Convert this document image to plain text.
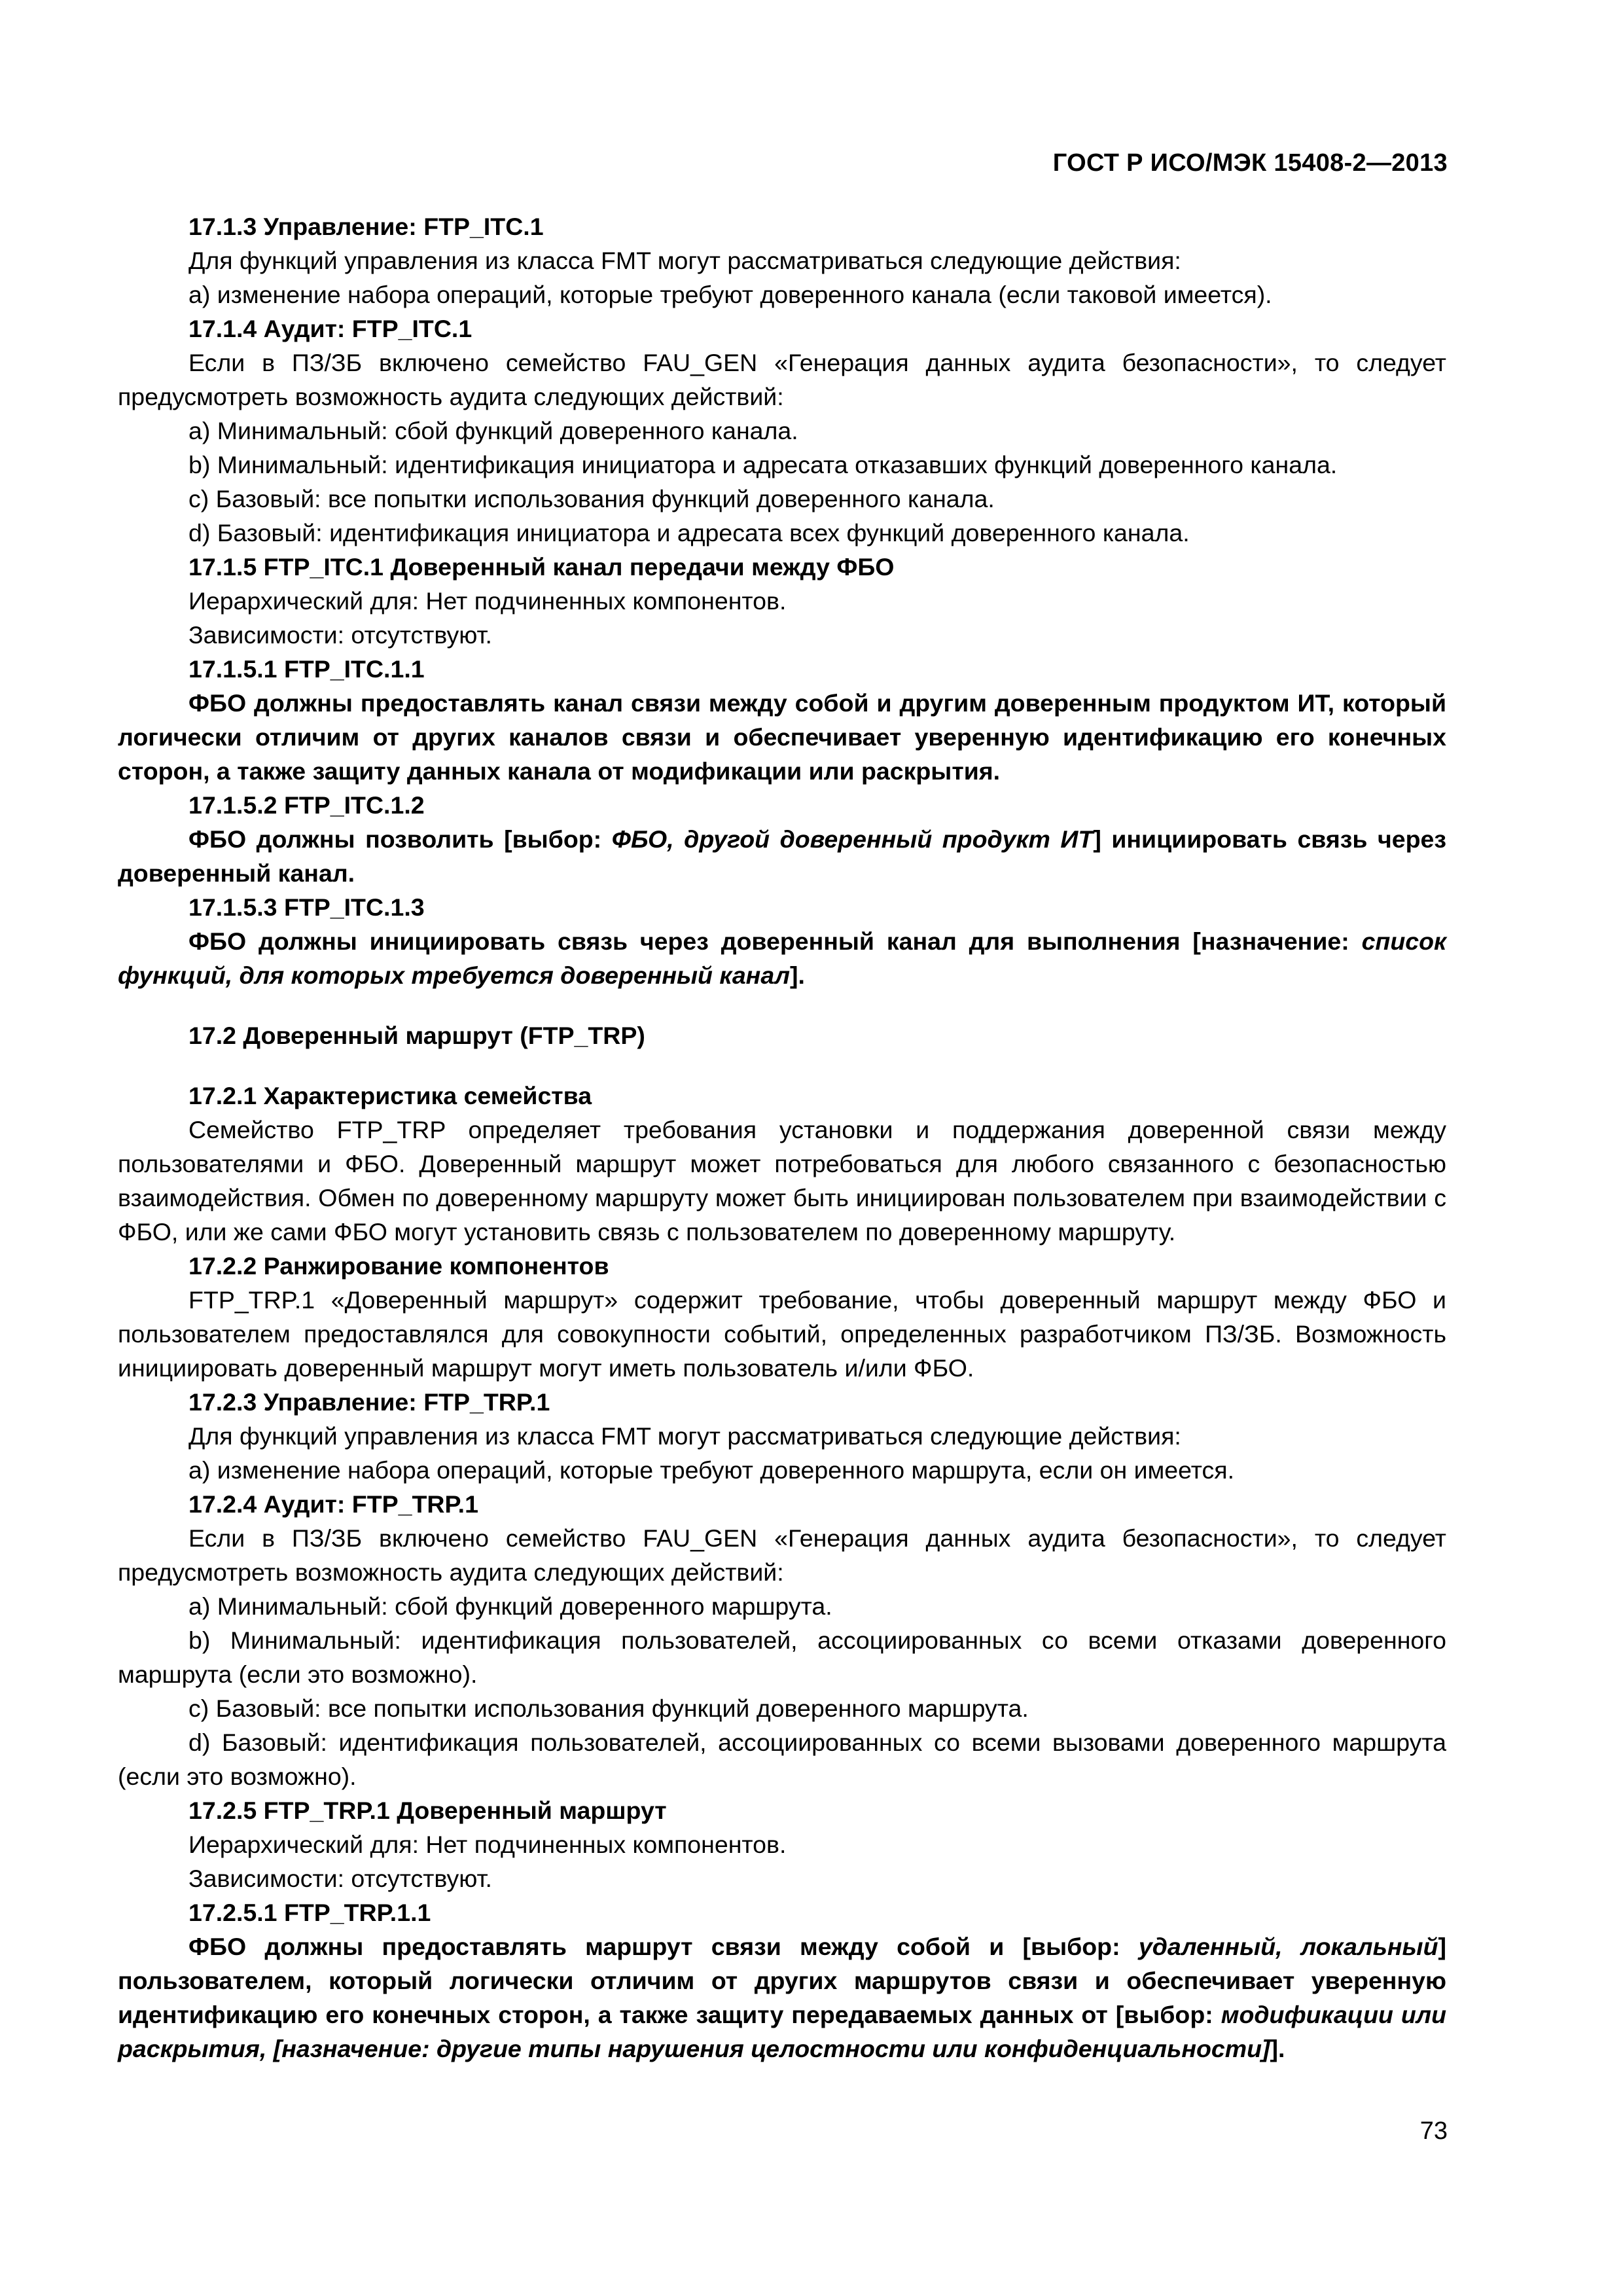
ГОСТ Р ИСО/МЭК 15408-2—2013

17.1.3 Управление: FTP_ITC.1

Для функций управления из класса FMT могут рассматриваться следующие действия:

a) изменение набора операций, которые требуют доверенного канала (если таковой имеется).

17.1.4 Аудит: FTP_ITC.1

Если в ПЗ/ЗБ включено семейство FAU_GEN «Генерация данных аудита безопасности», то следует предусмотреть возможность аудита следующих действий:

a) Минимальный: сбой функций доверенного канала.

b) Минимальный: идентификация инициатора и адресата отказавших функций доверенного канала.

c) Базовый: все попытки использования функций доверенного канала.

d) Базовый: идентификация инициатора и адресата всех функций доверенного канала.

17.1.5 FTP_ITC.1 Доверенный канал передачи между ФБО

Иерархический для: Нет подчиненных компонентов.

Зависимости: отсутствуют.

17.1.5.1 FTP_ITC.1.1

ФБО должны предоставлять канал связи между собой и другим доверенным продуктом ИТ, который логически отличим от других каналов связи и обеспечивает уверенную идентификацию его конечных сторон, а также защиту данных канала от модификации или раскрытия.

17.1.5.2 FTP_ITC.1.2

ФБО должны позволить [выбор: ФБО, другой доверенный продукт ИТ] инициировать связь через доверенный канал.

17.1.5.3 FTP_ITC.1.3

ФБО должны инициировать связь через доверенный канал для выполнения [назначение: список функций, для которых требуется доверенный канал].

17.2 Доверенный маршрут (FTP_TRP)

17.2.1 Характеристика семейства

Семейство FTP_TRP определяет требования установки и поддержания доверенной связи между пользователями и ФБО. Доверенный маршрут может потребоваться для любого связанного с безопасностью взаимодействия. Обмен по доверенному маршруту может быть инициирован пользователем при взаимодействии с ФБО, или же сами ФБО могут установить связь с пользователем по доверенному маршруту.

17.2.2 Ранжирование компонентов

FTP_TRP.1 «Доверенный маршрут» содержит требование, чтобы доверенный маршрут между ФБО и пользователем предоставлялся для совокупности событий, определенных разработчиком ПЗ/ЗБ. Возможность инициировать доверенный маршрут могут иметь пользователь и/или ФБО.

17.2.3 Управление: FTP_TRP.1

Для функций управления из класса FMT могут рассматриваться следующие действия:

a) изменение набора операций, которые требуют доверенного маршрута, если он имеется.

17.2.4 Аудит: FTP_TRP.1

Если в ПЗ/ЗБ включено семейство FAU_GEN «Генерация данных аудита безопасности», то следует предусмотреть возможность аудита следующих действий:

a) Минимальный: сбой функций доверенного маршрута.

b) Минимальный: идентификация пользователей, ассоциированных со всеми отказами доверенного маршрута (если это возможно).

c) Базовый: все попытки использования функций доверенного маршрута.

d) Базовый: идентификация пользователей, ассоциированных со всеми вызовами доверенного маршрута (если это возможно).

17.2.5 FTP_TRP.1 Доверенный маршрут

Иерархический для: Нет подчиненных компонентов.

Зависимости: отсутствуют.

17.2.5.1 FTP_TRP.1.1

ФБО должны предоставлять маршрут связи между собой и [выбор: удаленный, локальный] пользователем, который логически отличим от других маршрутов связи и обеспечивает уверенную идентификацию его конечных сторон, а также защиту передаваемых данных от [выбор: модификации или раскрытия, [назначение: другие типы нарушения целостности или конфиденциальности]].

73
